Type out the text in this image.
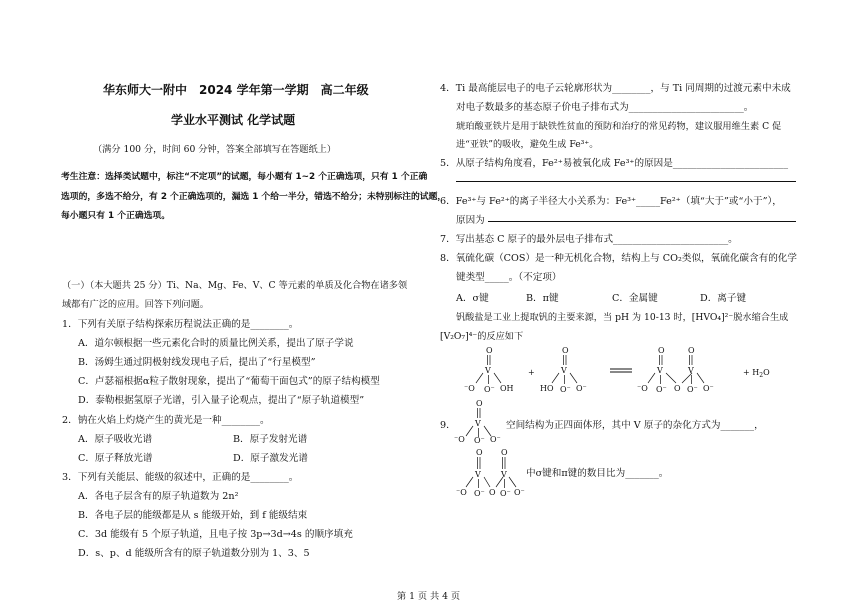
华东师大一附中　2024 学年第一学期　高二年级
学业水平测试 化学试题
（满分 100 分，时间 60 分钟，答案全部填写在答题纸上）
考生注意：选择类试题中，标注“不定项”的试题，每小题有 1~2 个正确选项，只有 1 个正确
选项的，多选不给分，有 2 个正确选项的，漏选 1 个给一半分，错选不给分；未特别标注的试题，
每小题只有 1 个正确选项。
（一）（本大题共 25 分）Ti、Na、Mg、Fe、V、C 等元素的单质及化合物在诸多领
域都有广泛的应用。回答下列问题。
1．下列有关原子结构探索历程说法正确的是________。
A．道尔顿根据一些元素化合时的质量比例关系，提出了原子学说
B．汤姆生通过阴极射线发现电子后，提出了“行星模型”
C．卢瑟福根据α粒子散射现象，提出了“葡萄干面包式”的原子结构模型
D．泰勒根据氢原子光谱，引入量子论观点，提出了“原子轨道模型”
2．钠在火焰上灼烧产生的黄光是一种________。
A．原子吸收光谱	B．原子发射光谱
C．原子释放光谱	D．原子激发光谱
3．下列有关能层、能级的叙述中，正确的是________。
A．各电子层含有的原子轨道数为 2n²
B．各电子层的能级都是从 s 能级开始，到 f 能级结束
C．3d 能级有 5 个原子轨道，且电子按 3p→3d→4s 的顺序填充
D．s、p、d 能级所含有的原子轨道数分别为 1、3、5
4．Ti 最高能层电子的电子云轮廓形状为________，与 Ti 同周期的过渡元素中未成
对电子数最多的基态原子价电子排布式为________________________。
琥珀酸亚铁片是用于缺铁性贫血的预防和治疗的常见药物，建议服用维生素 C 促
进“亚铁”的吸收，避免生成 Fe³⁺。
5．从原子结构角度看，Fe²⁺易被氧化成 Fe³⁺的原因是________________________
6．Fe³⁺与 Fe²⁺的离子半径大小关系为：Fe³⁺_____Fe²⁺（填“大于”或“小于”），
原因为
7．写出基态 C 原子的最外层电子排布式________________________。
8．氧硫化碳（COS）是一种无机化合物，结构上与 CO₂类似，氧硫化碳含有的化学
键类型_____。（不定项）
A．σ键	B．π键	C．金属键	D．离子键
钒酸盐是工业上提取钒的主要来源，当 pH 为 10-13 时，[HVO₄]²⁻脱水缩合生成
[V₂O₇]⁴⁻的反应如下
O
V
⁻O O⁻ OH
+
O
V
HO O⁻ O⁻
O
V
⁻O O⁻ O
O
V
O⁻ O⁻
+ $H_2O$
9．
O
V
⁻O O⁻ O⁻
空间结构为正四面体形，其中 V 原子的杂化方式为_______，
O
V
⁻O O⁻ O
O
V
O⁻ O⁻
中σ键和π键的数目比为_______。
第 1 页 共 4 页
